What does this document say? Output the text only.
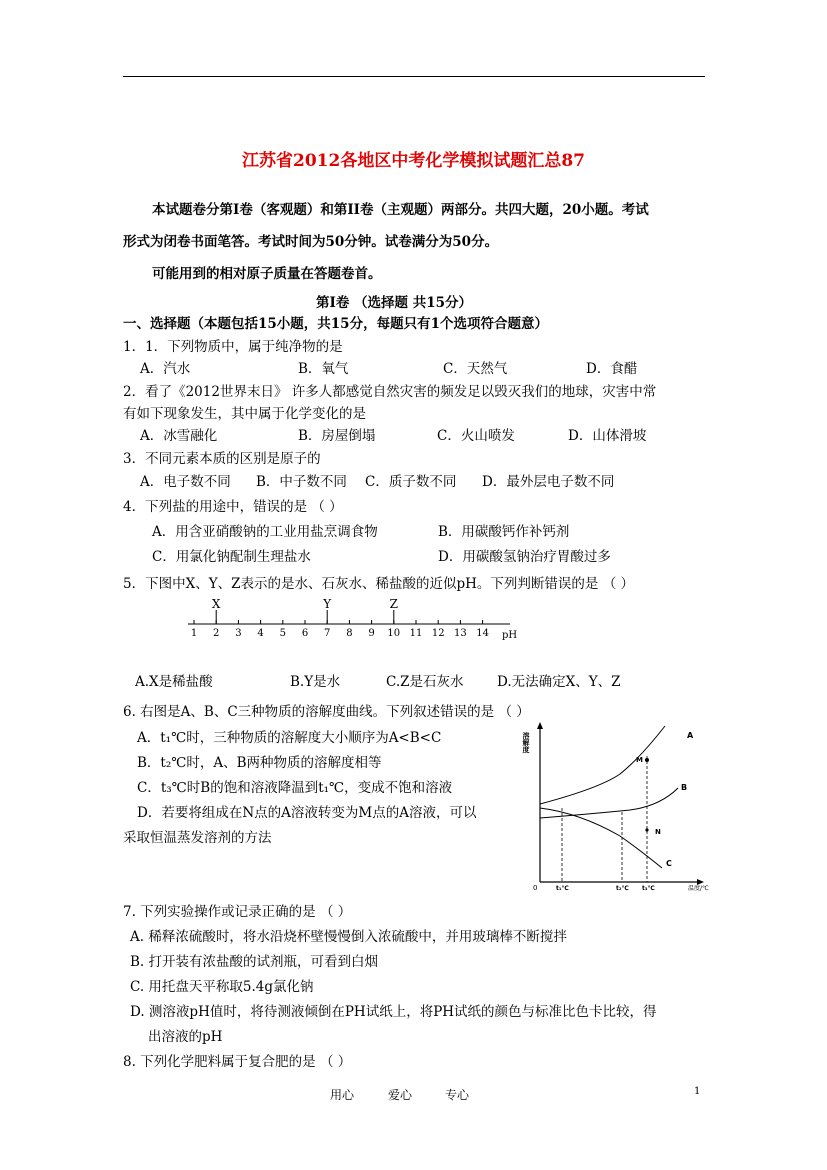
江苏省2012各地区中考化学模拟试题汇总87
本试题卷分第Ⅰ卷（客观题）和第II卷（主观题）两部分。共四大题，20小题。考试
形式为闭卷书面笔答。考试时间为50分钟。试卷满分为50分。
可能用到的相对原子质量在答题卷首。
第Ⅰ卷 （选择题 共15分）
一、选择题（本题包括15小题，共15分，每题只有1个选项符合题意）
1．1．下列物质中，属于纯净物的是
A．汽水	B．氧气	C．天然气	D．食醋
2．看了《2012世界末日》 许多人都感觉自然灾害的频发足以毁灭我们的地球，灾害中常
有如下现象发生，其中属于化学变化的是
A．冰雪融化	B．房屋倒塌	C．火山喷发	D．山体滑坡
3．不同元素本质的区别是原子的
A．电子数不同 B．中子数不同 C．质子数不同 D．最外层电子数不同
4．下列盐的用途中，错误的是 （ ）
A．用含亚硝酸钠的工业用盐烹调食物	B．用碳酸钙作补钙剂
C．用氯化钠配制生理盐水	D．用碳酸氢钠治疗胃酸过多
5．下图中X、Y、Z表示的是水、石灰水、稀盐酸的近似pH。下列判断错误的是 （ ）
1 2 3 4 5 6 7 8 9 10 11 12 13 14 pH
X	Y	Z
A.X是稀盐酸	B.Y是水	C.Z是石灰水 D.无法确定X、Y、Z
6. 右图是A、B、C三种物质的溶解度曲线。下列叙述错误的是 （ ）
A．t₁℃时，三种物质的溶解度大小顺序为A<B<C
B．t₂℃时，A、B两种物质的溶解度相等
C．t₃℃时B的饱和溶液降温到t₁℃，变成不饱和溶液
D．若要将组成在N点的A溶液转变为M点的A溶液，可以
采取恒温蒸发溶剂的方法
溶解度
0	温度/℃
t₁℃	t₂℃ t₃℃
A
B
C
M
N
7. 下列实验操作或记录正确的是 （ ）
A. 稀释浓硫酸时，将水沿烧杯壁慢慢倒入浓硫酸中，并用玻璃棒不断搅拌
B. 打开装有浓盐酸的试剂瓶，可看到白烟
C. 用托盘天平称取5.4g氯化钠
D. 测溶液pH值时，将待测液倾倒在PH试纸上，将PH试纸的颜色与标准比色卡比较，得
出溶液的pH
8. 下列化学肥料属于复合肥的是 （ ）
用心	爱心	专心	1
